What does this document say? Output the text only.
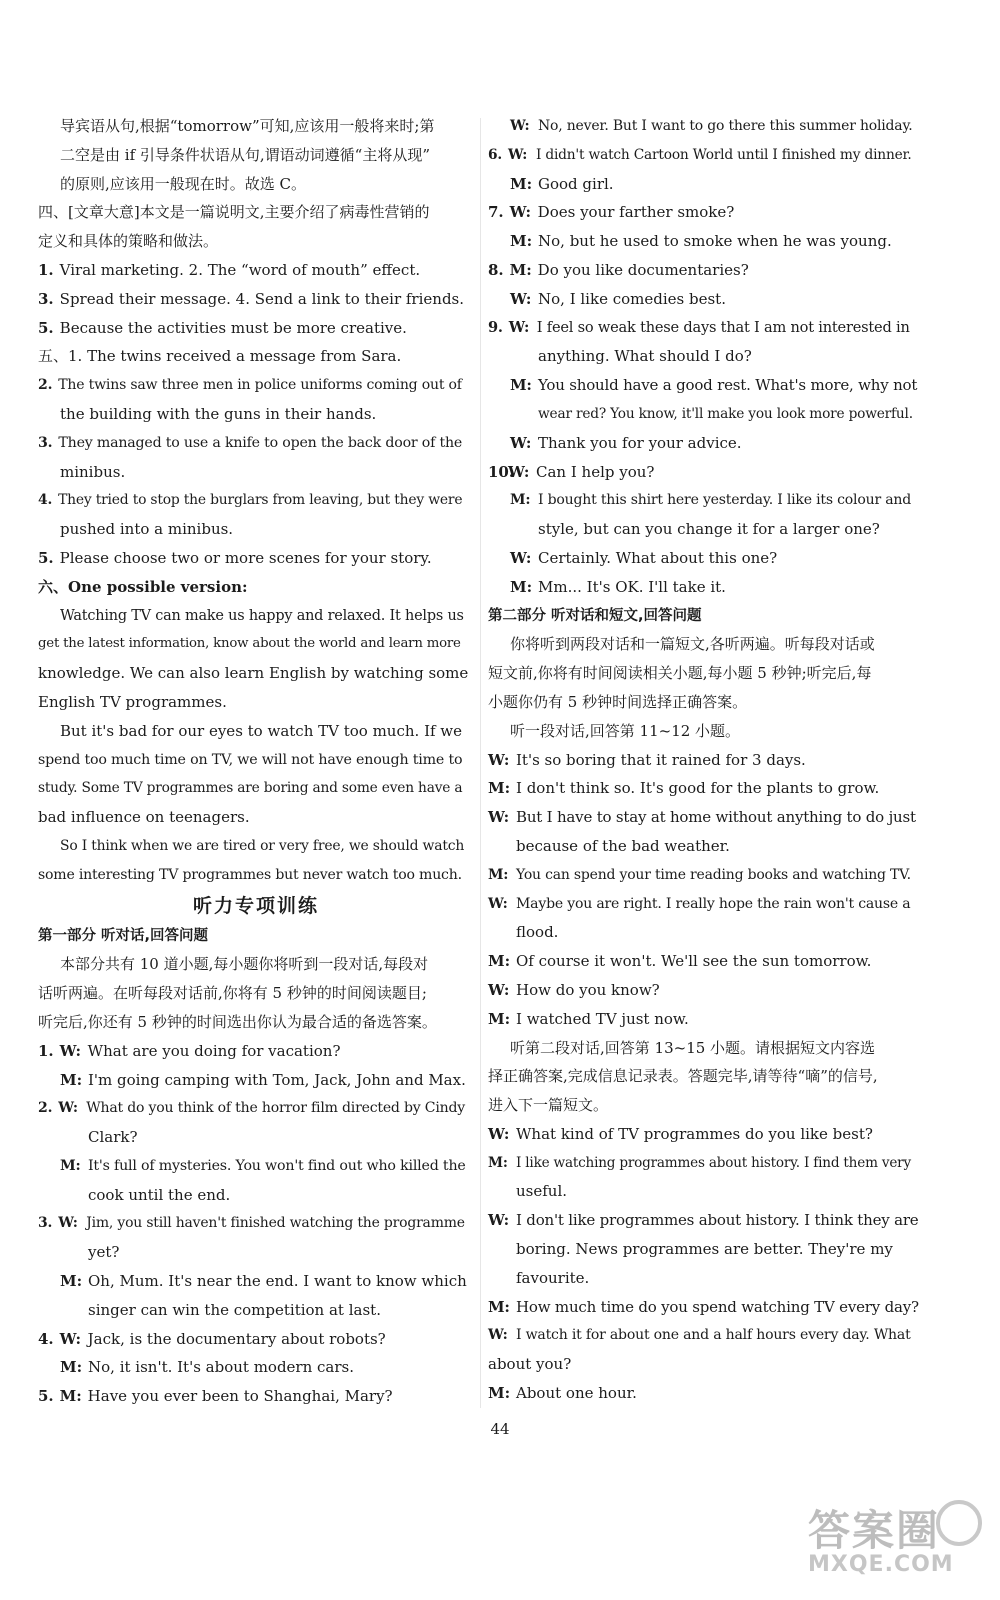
导宾语从句,根据“tomorrow”可知,应该用一般将来时;第
二空是由 if 引导条件状语从句,谓语动词遵循“主将从现”
的原则,应该用一般现在时。故选 C。
四、[文章大意]本文是一篇说明文,主要介绍了病毒性营销的
定义和具体的策略和做法。
1. Viral marketing. 2. The “word of mouth” effect.
3. Spread their message. 4. Send a link to their friends.
5. Because the activities must be more creative.
五、1. The twins received a message from Sara.
2. The twins saw three men in police uniforms coming out of
the building with the guns in their hands.
3. They managed to use a knife to open the back door of the
minibus.
4. They tried to stop the burglars from leaving, but they were
pushed into a minibus.
5. Please choose two or more scenes for your story.
六、One possible version:
Watching TV can make us happy and relaxed. It helps us
get the latest information, know about the world and learn more
knowledge. We can also learn English by watching some
English TV programmes.
But it's bad for our eyes to watch TV too much. If we
spend too much time on TV, we will not have enough time to
study. Some TV programmes are boring and some even have a
bad influence on teenagers.
So I think when we are tired or very free, we should watch
some interesting TV programmes but never watch too much.
听力专项训练
第一部分 听对话,回答问题
本部分共有 10 道小题,每小题你将听到一段对话,每段对
话听两遍。在听每段对话前,你将有 5 秒钟的时间阅读题目;
听完后,你还有 5 秒钟的时间选出你认为最合适的备选答案。
1. W: What are you doing for vacation?
M: I'm going camping with Tom, Jack, John and Max.
2. W: What do you think of the horror film directed by Cindy
Clark?
M: It's full of mysteries. You won't find out who killed the
cook until the end.
3. W: Jim, you still haven't finished watching the programme
yet?
M: Oh, Mum. It's near the end. I want to know which
singer can win the competition at last.
4. W: Jack, is the documentary about robots?
M: No, it isn't. It's about modern cars.
5. M: Have you ever been to Shanghai, Mary?
W: No, never. But I want to go there this summer holiday.
6. W: I didn't watch Cartoon World until I finished my dinner.
M: Good girl.
7. W: Does your farther smoke?
M: No, but he used to smoke when he was young.
8. M: Do you like documentaries?
W: No, I like comedies best.
9. W: I feel so weak these days that I am not interested in
anything. What should I do?
M: You should have a good rest. What's more, why not
wear red? You know, it'll make you look more powerful.
W: Thank you for your advice.
10.W: Can I help you?
M: I bought this shirt here yesterday. I like its colour and
style, but can you change it for a larger one?
W: Certainly. What about this one?
M: Mm... It's OK. I'll take it.
第二部分 听对话和短文,回答问题
你将听到两段对话和一篇短文,各听两遍。听每段对话或
短文前,你将有时间阅读相关小题,每小题 5 秒钟;听完后,每
小题你仍有 5 秒钟时间选择正确答案。
听一段对话,回答第 11~12 小题。
W: It's so boring that it rained for 3 days.
M: I don't think so. It's good for the plants to grow.
W: But I have to stay at home without anything to do just
because of the bad weather.
M: You can spend your time reading books and watching TV.
W: Maybe you are right. I really hope the rain won't cause a
flood.
M: Of course it won't. We'll see the sun tomorrow.
W: How do you know?
M: I watched TV just now.
听第二段对话,回答第 13~15 小题。请根据短文内容选
择正确答案,完成信息记录表。答题完毕,请等待“嘀”的信号,
进入下一篇短文。
W: What kind of TV programmes do you like best?
M: I like watching programmes about history. I find them very
useful.
W: I don't like programmes about history. I think they are
boring. News programmes are better. They're my
favourite.
M: How much time do you spend watching TV every day?
W: I watch it for about one and a half hours every day. What
about you?
M: About one hour.
44
答案圈
MXQE.COM
